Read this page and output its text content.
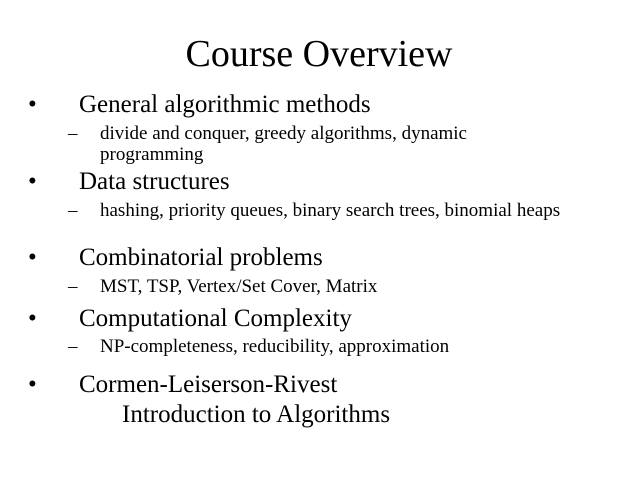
Course Overview
•	General algorithmic methods
–	divide and conquer, greedy algorithms, dynamic programming
•	Data structures
–	hashing, priority queues, binary search trees, binomial heaps
•	Combinatorial problems
–	MST, TSP, Vertex/Set Cover, Matrix
•	Computational Complexity
–	NP-completeness, reducibility, approximation
•	Cormen-Leiserson-Rivest
Introduction to Algorithms
